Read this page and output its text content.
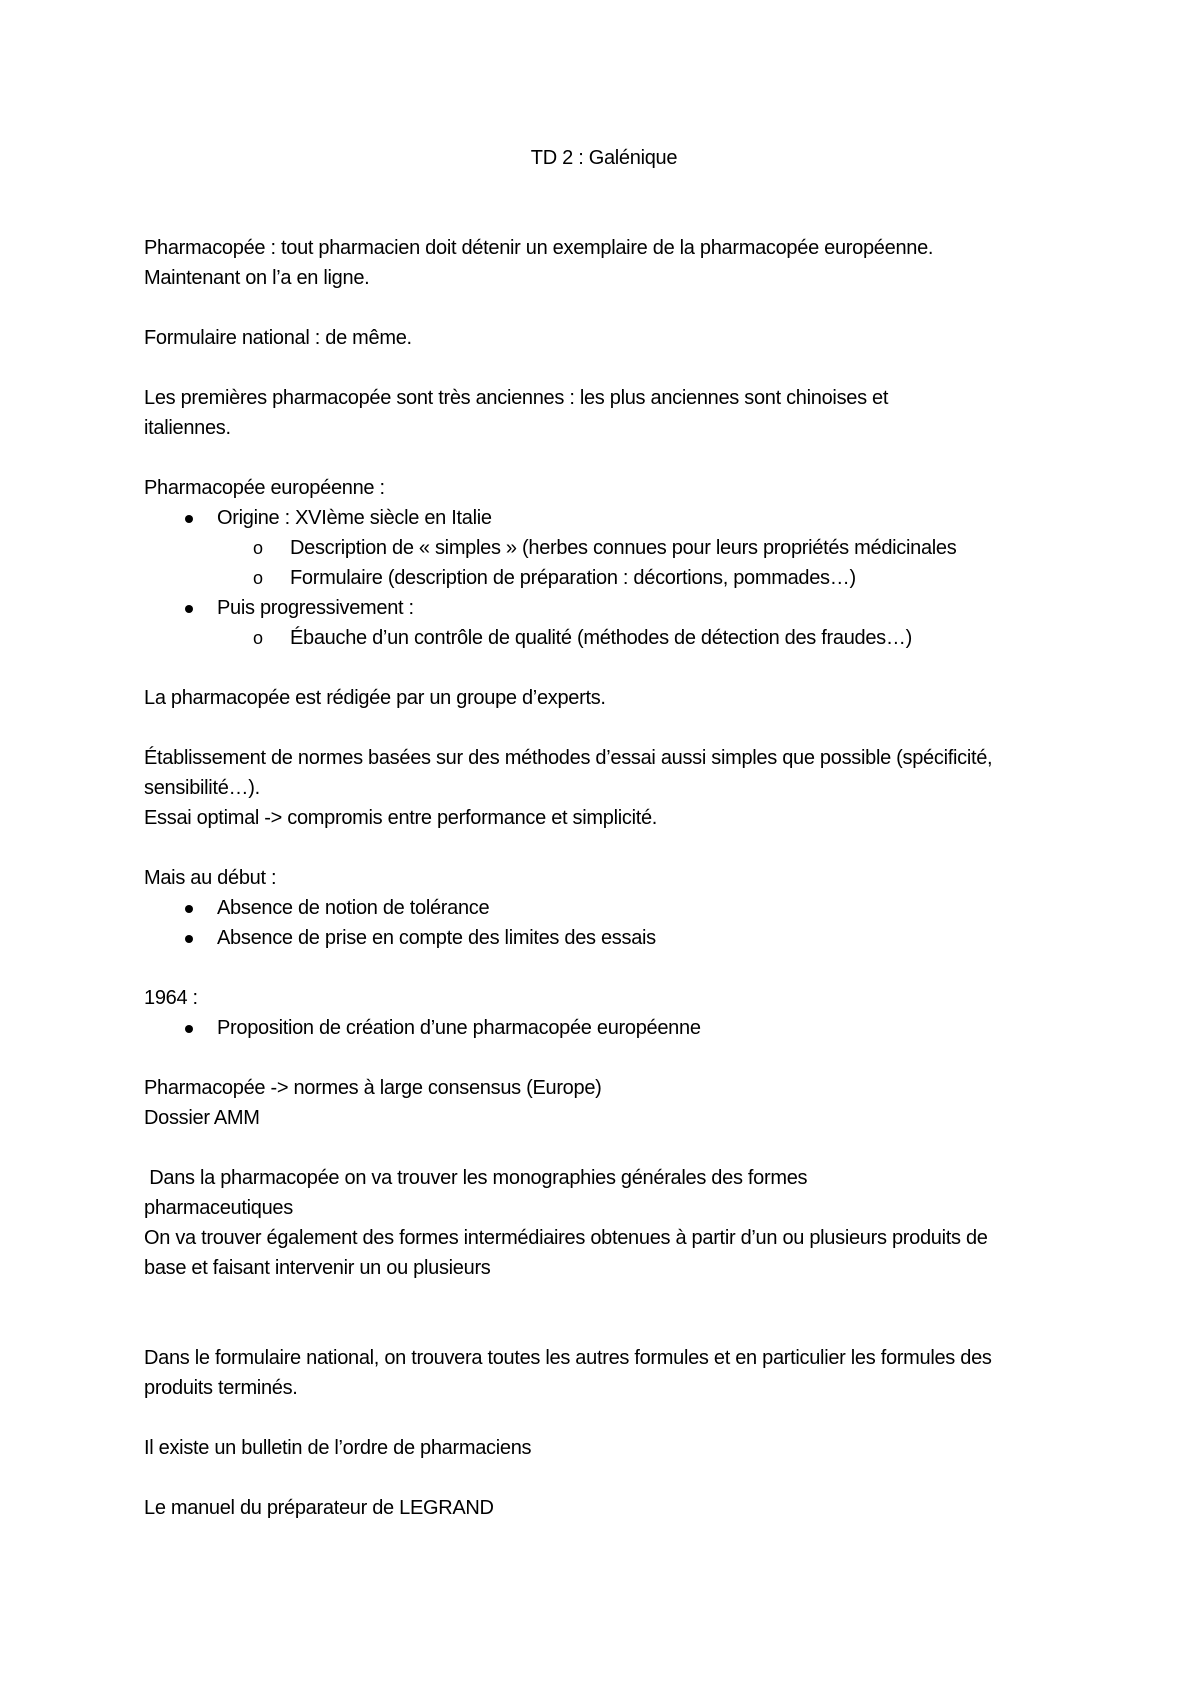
TD 2 : Galénique
Pharmacopée : tout pharmacien doit détenir un exemplaire de la pharmacopée européenne.
Maintenant on l’a en ligne.
Formulaire national : de même.
Les premières pharmacopée sont très anciennes : les plus anciennes sont chinoises et italiennes.
Pharmacopée européenne :
Origine : XVIème siècle en Italie
o Description de « simples » (herbes connues pour leurs propriétés médicinales
o Formulaire (description de préparation : décortions, pommades…)
Puis progressivement :
o Ébauche d’un contrôle de qualité (méthodes de détection des fraudes…)
La pharmacopée est rédigée par un groupe d’experts.
Établissement de normes basées sur des méthodes d’essai aussi simples que possible (spécificité, sensibilité…).
Essai optimal -> compromis entre performance et simplicité.
Mais au début :
Absence de notion de tolérance
Absence de prise en compte des limites des essais
1964 :
Proposition de création d’une pharmacopée européenne
Pharmacopée -> normes à large consensus (Europe)
Dossier AMM
Dans la pharmacopée on va trouver les monographies générales des formes pharmaceutiques
On va trouver également des formes intermédiaires obtenues à partir d’un ou plusieurs produits de base et faisant intervenir un ou plusieurs
Dans le formulaire national, on trouvera toutes les autres formules et en particulier les formules des produits terminés.
Il existe un bulletin de l’ordre de pharmaciens
Le manuel du préparateur de LEGRAND
